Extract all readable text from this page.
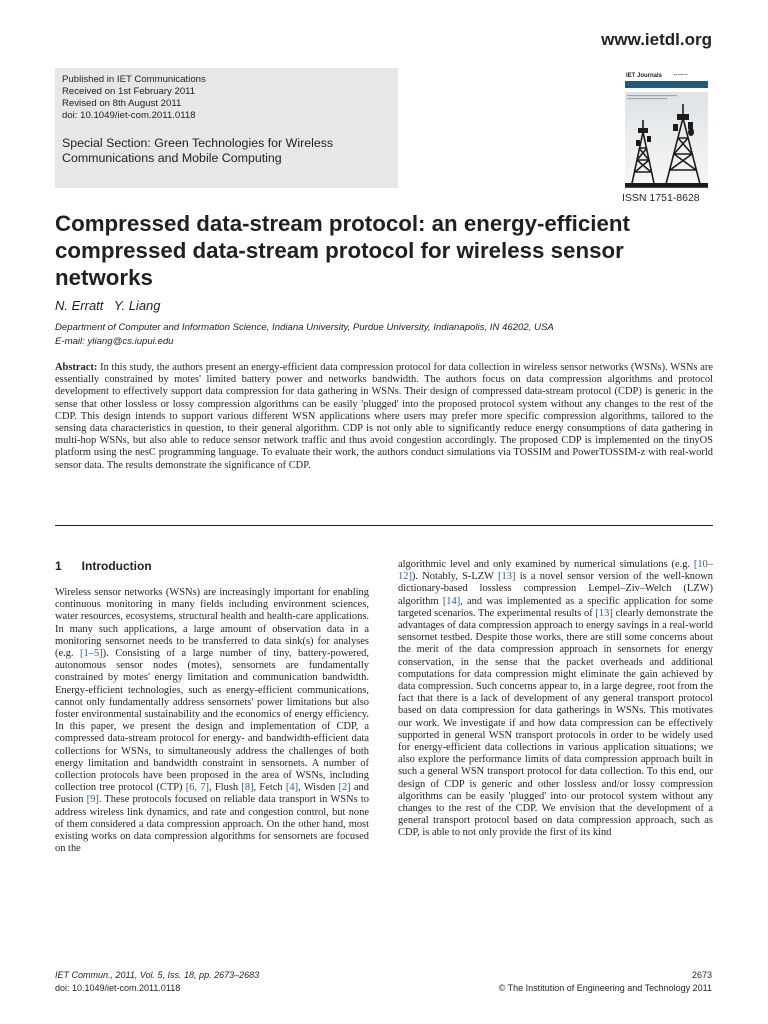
www.ietdl.org
Published in IET Communications
Received on 1st February 2011
Revised on 8th August 2011
doi: 10.1049/iet-com.2011.0118
Special Section: Green Technologies for Wireless
Communications and Mobile Computing
IET Journals	▬ ▬▬ ▬
ISSN 1751-8628
Compressed data-stream protocol: an energy-efficient compressed data-stream protocol for wireless sensor networks
N. Erratt   Y. Liang
Department of Computer and Information Science, Indiana University, Purdue University, Indianapolis, IN 46202, USA
E-mail: yliang@cs.iupui.edu
Abstract: In this study, the authors present an energy-efficient data compression protocol for data collection in wireless sensor networks (WSNs). WSNs are essentially constrained by motes' limited battery power and networks bandwidth. The authors focus on data compression algorithms and protocol development to effectively support data compression for data gathering in WSNs. Their design of compressed data-stream protocol (CDP) is generic in the sense that other lossless or lossy compression algorithms can be easily 'plugged' into the proposed protocol system without any changes to the rest of the CDP. This design intends to support various different WSN applications where users may prefer more specific compression algorithms, tailored to the sensing data characteristics in question, to their general algorithm. CDP is not only able to significantly reduce energy consumptions of data gathering in multi-hop WSNs, but also able to reduce sensor network traffic and thus avoid congestion accordingly. The proposed CDP is implemented on the tinyOS platform using the nesC programming language. To evaluate their work, the authors conduct simulations via TOSSIM and PowerTOSSIM-z with real-world sensor data. The results demonstrate the significance of CDP.
1      Introduction
Wireless sensor networks (WSNs) are increasingly important for enabling continuous monitoring in many fields including environment sciences, water resources, ecosystems, structural health and health-care applications. In many such applications, a large amount of observation data in a monitoring sensornet needs to be transferred to data sink(s) for analyses (e.g. [1–5]). Consisting of a large number of tiny, battery-powered, autonomous sensor nodes (motes), sensornets are fundamentally constrained by motes' energy limitation and communication bandwidth. Energy-efficient technologies, such as energy-efficient communications, cannot only fundamentally address sensornets' power limitations but also foster environmental sustainability and the economics of energy efficiency. In this paper, we present the design and implementation of CDP, a compressed data-stream protocol for energy- and bandwidth-efficient data collections for WSNs, to simultaneously address the challenges of both energy limitation and bandwidth constraint in sensornets. A number of collection protocols have been proposed in the area of WSNs, including collection tree protocol (CTP) [6, 7], Flush [8], Fetch [4], Wisden [2] and Fusion [9]. These protocols focused on reliable data transport in WSNs to address wireless link dynamics, and rate and congestion control, but none of them considered a data compression approach. On the other hand, most existing works on data compression algorithms for sensornets are focused on the
algorithmic level and only examined by numerical simulations (e.g. [10–12]). Notably, S-LZW [13] is a novel sensor version of the well-known dictionary-based lossless compression Lempel–Ziv–Welch (LZW) algorithm [14], and was implemented as a specific application for some targeted scenarios. The experimental results of [13] clearly demonstrate the advantages of data compression approach to energy savings in a real-world sensornet testbed. Despite those works, there are still some concerns about the merit of the data compression approach in sensornets for energy conservation, in the sense that the packet overheads and additional computations for data compression might eliminate the gain achieved by data compression. Such concerns appear to, in a large degree, root from the fact that there is a lack of development of any general transport protocol based on data compression for data gatherings in WSNs. This motivates our work. We investigate if and how data compression can be effectively supported in general WSN transport protocols in order to be widely used for energy-efficient data collections in various application situations; we also explore the performance limits of data compression approach built in such a general WSN transport protocol for data collection. To this end, our design of CDP is generic and other lossless and/or lossy compression algorithms can be easily 'plugged' into our protocol system without any changes to the rest of the CDP. We envision that the development of a general transport protocol based on data compression approach, such as CDP, is able to not only provide the first of its kind
IET Commun., 2011, Vol. 5, Iss. 18, pp. 2673–2683
doi: 10.1049/iet-com.2011.0118
2673
© The Institution of Engineering and Technology 2011
